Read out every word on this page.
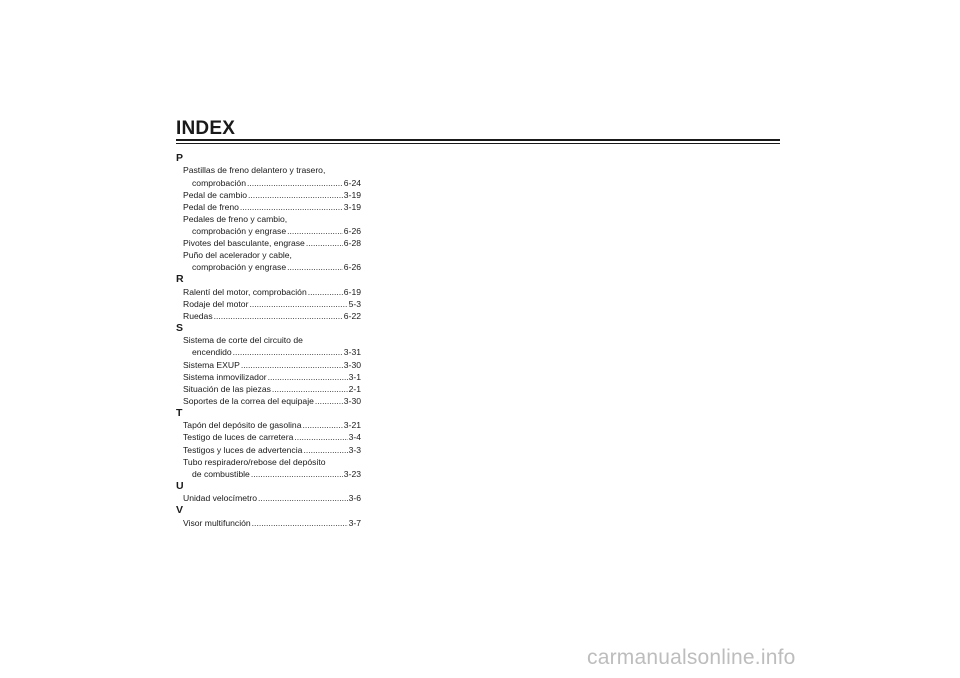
INDEX
P
Pastillas de freno delantero y trasero,
comprobación .....	6-24
Pedal de cambio .....	3-19
Pedal de freno .....	3-19
Pedales de freno y cambio,
comprobación y engrase .....	6-26
Pivotes del basculante, engrase .....	6-28
Puño del acelerador y cable,
comprobación y engrase .....	6-26
R
Ralentí del motor, comprobación .....	6-19
Rodaje del motor .....	5-3
Ruedas .....	6-22
S
Sistema de corte del circuito de
encendido .....	3-31
Sistema EXUP .....	3-30
Sistema inmovilizador .....	3-1
Situación de las piezas .....	2-1
Soportes de la correa del equipaje .....	3-30
T
Tapón del depósito de gasolina .....	3-21
Testigo de luces de carretera .....	3-4
Testigos y luces de advertencia .....	3-3
Tubo respiradero/rebose del depósito
de combustible .....	3-23
U
Unidad velocímetro .....	3-6
V
Visor multifunción .....	3-7
carmanualsonline.info
